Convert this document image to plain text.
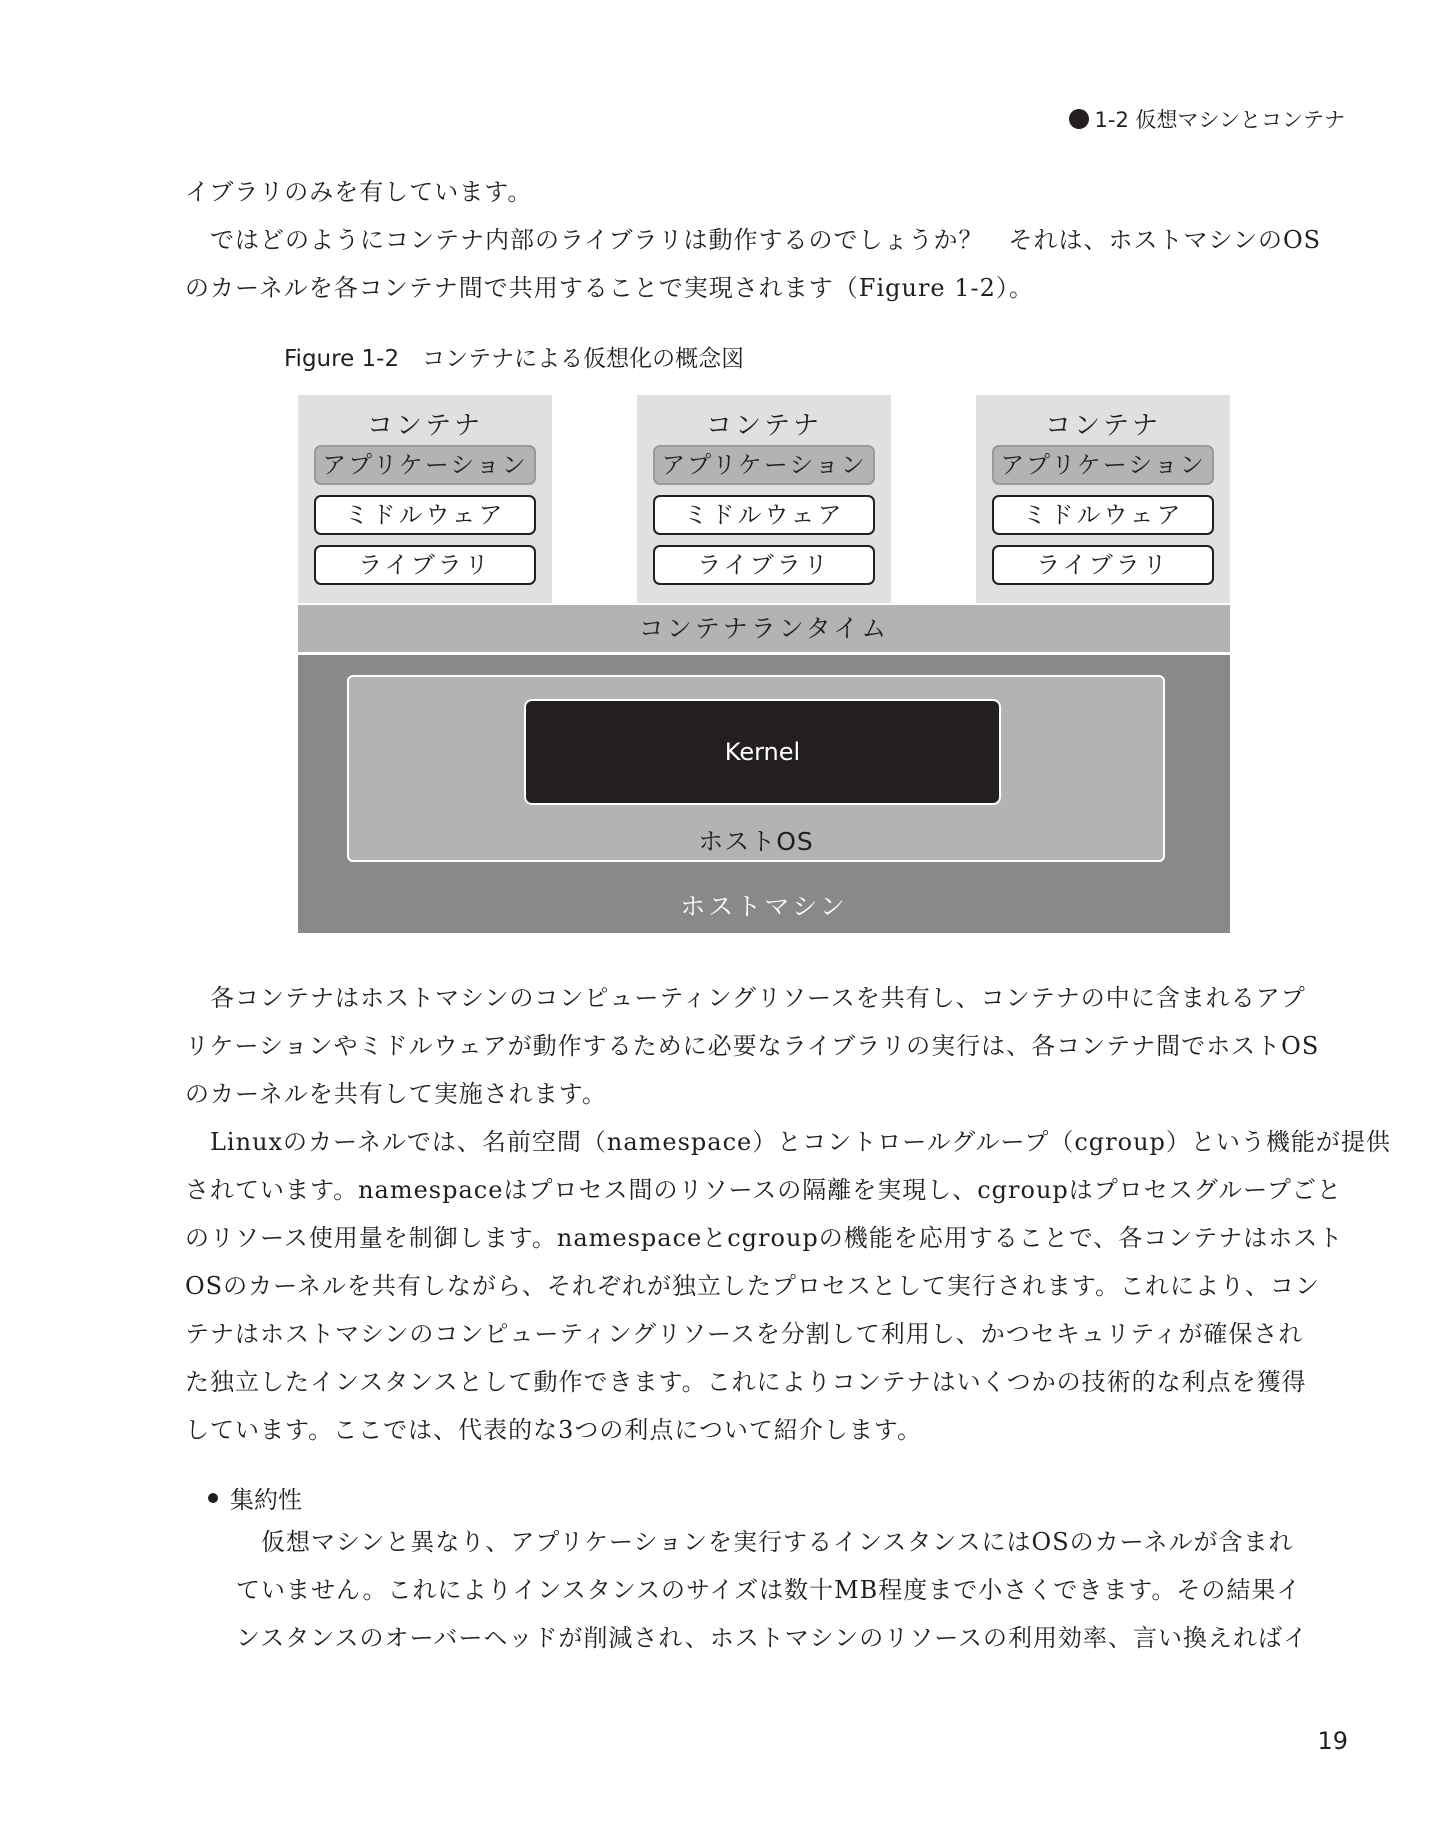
1-2 仮想マシンとコンテナ
イブラリのみを有しています。
　ではどのようにコンテナ内部のライブラリは動作するのでしょうか？　それは、ホストマシンのOS
のカーネルを各コンテナ間で共用することで実現されます（Figure 1-2）。
Figure 1-2　コンテナによる仮想化の概念図
コンテナ
アプリケーション
ミドルウェア
ライブラリ
コンテナ
アプリケーション
ミドルウェア
ライブラリ
コンテナ
アプリケーション
ミドルウェア
ライブラリ
コンテナランタイム
Kernel
ホストOS
ホストマシン
　各コンテナはホストマシンのコンピューティングリソースを共有し、コンテナの中に含まれるアプ
リケーションやミドルウェアが動作するために必要なライブラリの実行は、各コンテナ間でホストOS
のカーネルを共有して実施されます。
　Linuxのカーネルでは、名前空間（namespace）とコントロールグループ（cgroup）という機能が提供
されています。namespaceはプロセス間のリソースの隔離を実現し、cgroupはプロセスグループごと
のリソース使用量を制御します。namespaceとcgroupの機能を応用することで、各コンテナはホスト
OSのカーネルを共有しながら、それぞれが独立したプロセスとして実行されます。これにより、コン
テナはホストマシンのコンピューティングリソースを分割して利用し、かつセキュリティが確保され
た独立したインスタンスとして動作できます。これによりコンテナはいくつかの技術的な利点を獲得
しています。ここでは、代表的な3つの利点について紹介します。
集約性
　仮想マシンと異なり、アプリケーションを実行するインスタンスにはOSのカーネルが含まれ
ていません。これによりインスタンスのサイズは数十MB程度まで小さくできます。その結果イ
ンスタンスのオーバーヘッドが削減され、ホストマシンのリソースの利用効率、言い換えればイ
19
